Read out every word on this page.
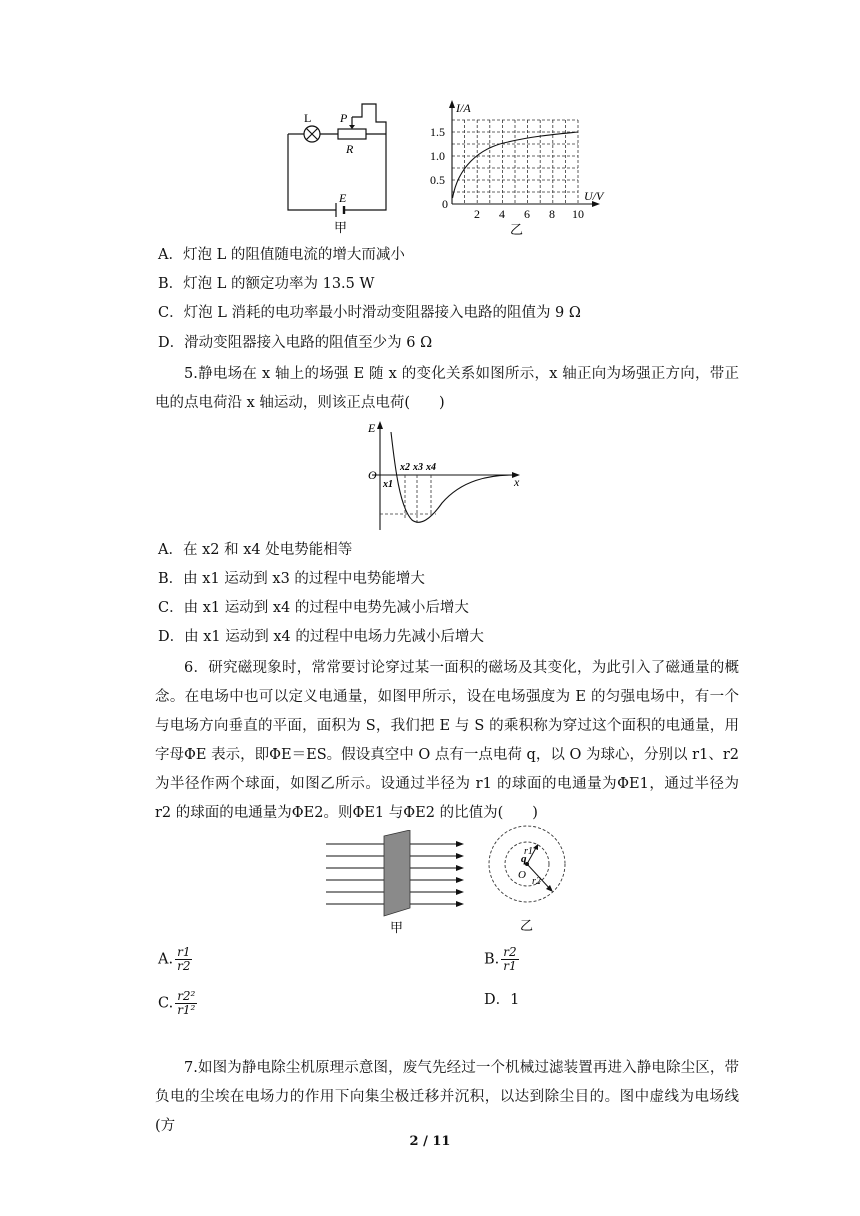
L P
R
E
甲
I/A
U/V
0
1.5
1.0
0.5
2 4 6 8 10
乙
A．灯泡 L 的阻值随电流的增大而减小
B．灯泡 L 的额定功率为 13.5 W
C．灯泡 L 消耗的电功率最小时滑动变阻器接入电路的阻值为 9 Ω
D．滑动变阻器接入电路的阻值至少为 6 Ω
5.静电场在 x 轴上的场强 E 随 x 的变化关系如图所示，x 轴正向为场强正方向，带正电的点电荷沿 x 轴运动，则该正点电荷(　　)
E
O	x
x1
x2 x3 x4
A．在 x2 和 x4 处电势能相等
B．由 x1 运动到 x3 的过程中电势能增大
C．由 x1 运动到 x4 的过程中电势先减小后增大
D．由 x1 运动到 x4 的过程中电场力先减小后增大
6．研究磁现象时，常常要讨论穿过某一面积的磁场及其变化，为此引入了磁通量的概念。在电场中也可以定义电通量，如图甲所示，设在电场强度为 E 的匀强电场中，有一个与电场方向垂直的平面，面积为 S，我们把 E 与 S 的乘积称为穿过这个面积的电通量，用字母ΦE 表示，即ΦE＝ES。假设真空中 O 点有一点电荷 q，以 O 为球心，分别以 r1、r2 为半径作两个球面，如图乙所示。设通过半径为 r1 的球面的电通量为ΦE1，通过半径为 r2 的球面的电通量为ΦE2。则ΦE1 与ΦE2 的比值为(　　)
甲
q
O
r1
r2
乙
A. $\frac{r1}{r2}$	B. $\frac{r2}{r1}$
C. $\frac{\text{r2²}}{\text{r1²}}$	D．1
7.如图为静电除尘机原理示意图，废气先经过一个机械过滤装置再进入静电除尘区，带负电的尘埃在电场力的作用下向集尘极迁移并沉积，以达到除尘目的。图中虚线为电场线(方
2 / 11
